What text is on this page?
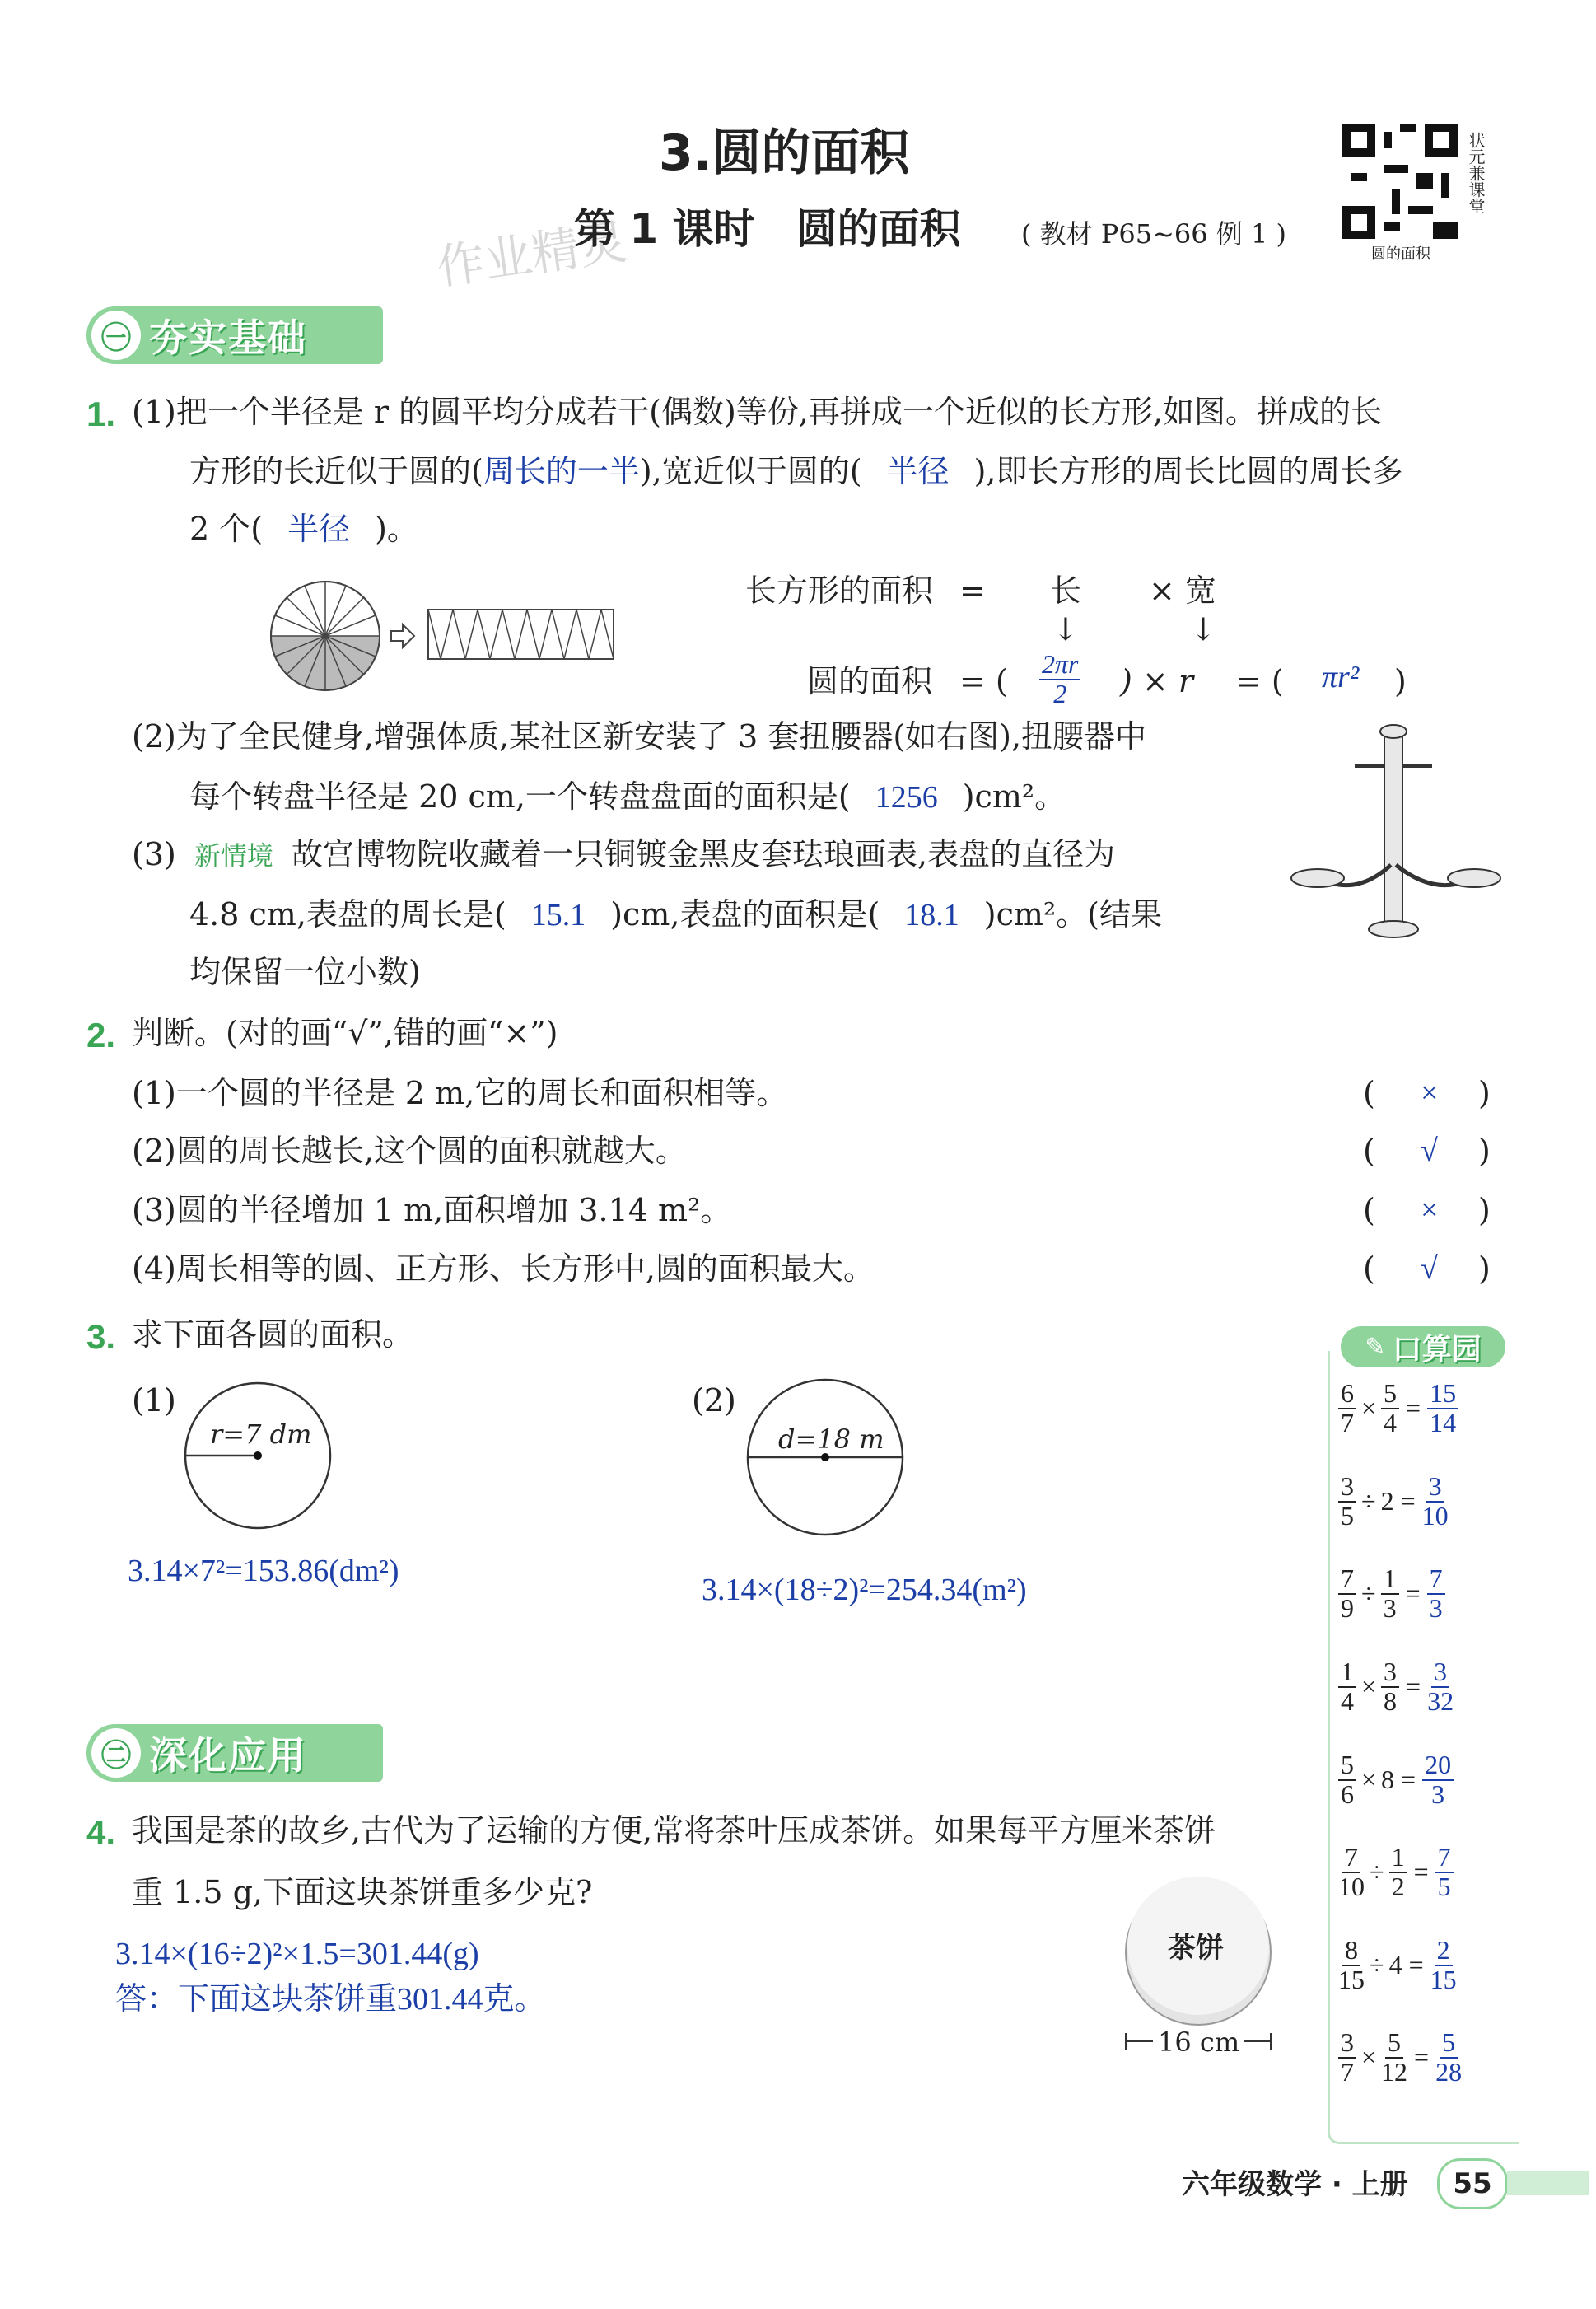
3.圆的面积
作业精灵
第 1 课时　圆的面积 ( 教材 P65~66 例 1 )
状元兼课堂
圆的面积
㊀ 夯实基础
1. (1)把一个半径是 r 的圆平均分成若干(偶数)等份,再拼成一个近似的长方形,如图。拼成的长
方形的长近似于圆的(周长的一半),宽近似于圆的( 半径 ),即长方形的周长比圆的周长多
2 个( 半径 )。
长方形的面积 = 长 × 宽
↓	↓
圆的面积 = ( $\frac{2\pi r}{2}$ ) × r = ( πr² )
(2)为了全民健身,增强体质,某社区新安装了 3 套扭腰器(如右图),扭腰器中
每个转盘半径是 20 cm,一个转盘盘面的面积是( 1256 )cm²。
(3) 新情境 故宫博物院收藏着一只铜镀金黑皮套珐琅画表,表盘的直径为
4.8 cm,表盘的周长是( 15.1 )cm,表盘的面积是( 18.1 )cm²。(结果
均保留一位小数)
2. 判断。(对的画“√”,错的画“×”)
(1)一个圆的半径是 2 m,它的周长和面积相等。	( × )
(2)圆的周长越长,这个圆的面积就越大。	( √ )
(3)圆的半径增加 1 m,面积增加 3.14 m²。	( × )
(4)周长相等的圆、正方形、长方形中,圆的面积最大。	( √ )
3. 求下面各圆的面积。
(1)
r=7 dm
3.14×7²=153.86(dm²)
(2)
d=18 m
3.14×(18÷2)²=254.34(m²)
㊁ 深化应用
4. 我国是茶的故乡,古代为了运输的方便,常将茶叶压成茶饼。如果每平方厘米茶饼
重 1.5 g,下面这块茶饼重多少克?
3.14×(16÷2)²×1.5=301.44(g)
答：下面这块茶饼重301.44克。
茶饼
16 cm
✎ 口算园
$\frac{6}{7} \times \frac{5}{4} = \frac{15}{14}$
$\frac{3}{5} \div 2 = \frac{3}{10}$
$\frac{7}{9} \div \frac{1}{3} = \frac{7}{3}$
$\frac{1}{4} \times \frac{3}{8} = \frac{3}{32}$
$\frac{5}{6} \times 8 = \frac{20}{3}$
$\frac{7}{10} \div \frac{1}{2} = \frac{7}{5}$
$\frac{8}{15} \div 4 = \frac{2}{15}$
$\frac{3}{7} \times \frac{5}{12} = \frac{5}{28}$
六年级数学 · 上册 55
